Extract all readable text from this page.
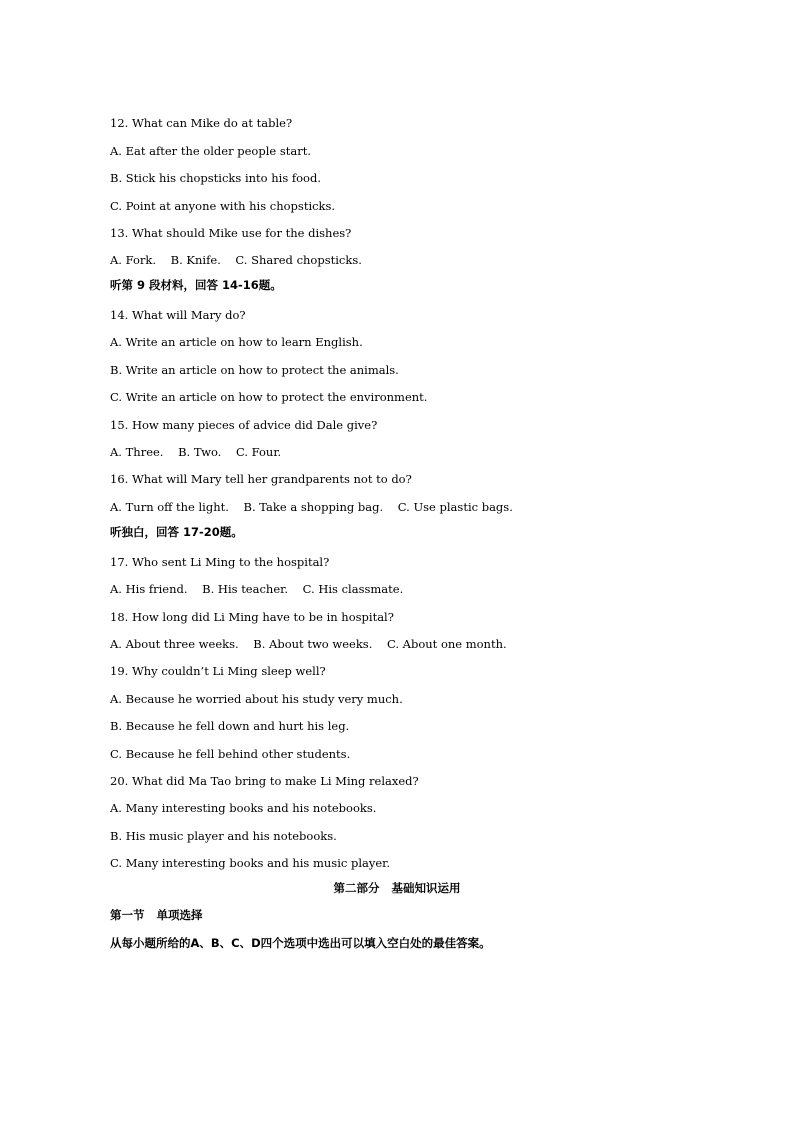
12. What can Mike do at table?
A. Eat after the older people start.
B. Stick his chopsticks into his food.
C. Point at anyone with his chopsticks.
13. What should Mike use for the dishes?
A. Fork.    B. Knife.    C. Shared chopsticks.
听第 9 段材料，回答 14-16题。
14. What will Mary do?
A. Write an article on how to learn English.
B. Write an article on how to protect the animals.
C. Write an article on how to protect the environment.
15. How many pieces of advice did Dale give?
A. Three.    B. Two.    C. Four.
16. What will Mary tell her grandparents not to do?
A. Turn off the light.    B. Take a shopping bag.    C. Use plastic bags.
听独白，回答 17-20题。
17. Who sent Li Ming to the hospital?
A. His friend.    B. His teacher.    C. His classmate.
18. How long did Li Ming have to be in hospital?
A. About three weeks.    B. About two weeks.    C. About one month.
19. Why couldn’t Li Ming sleep well?
A. Because he worried about his study very much.
B. Because he fell down and hurt his leg.
C. Because he fell behind other students.
20. What did Ma Tao bring to make Li Ming relaxed?
A. Many interesting books and his notebooks.
B. His music player and his notebooks.
C. Many interesting books and his music player.
第二部分   基础知识运用
第一节   单项选择
从每小题所给的A、B、C、D四个选项中选出可以填入空白处的最佳答案。
